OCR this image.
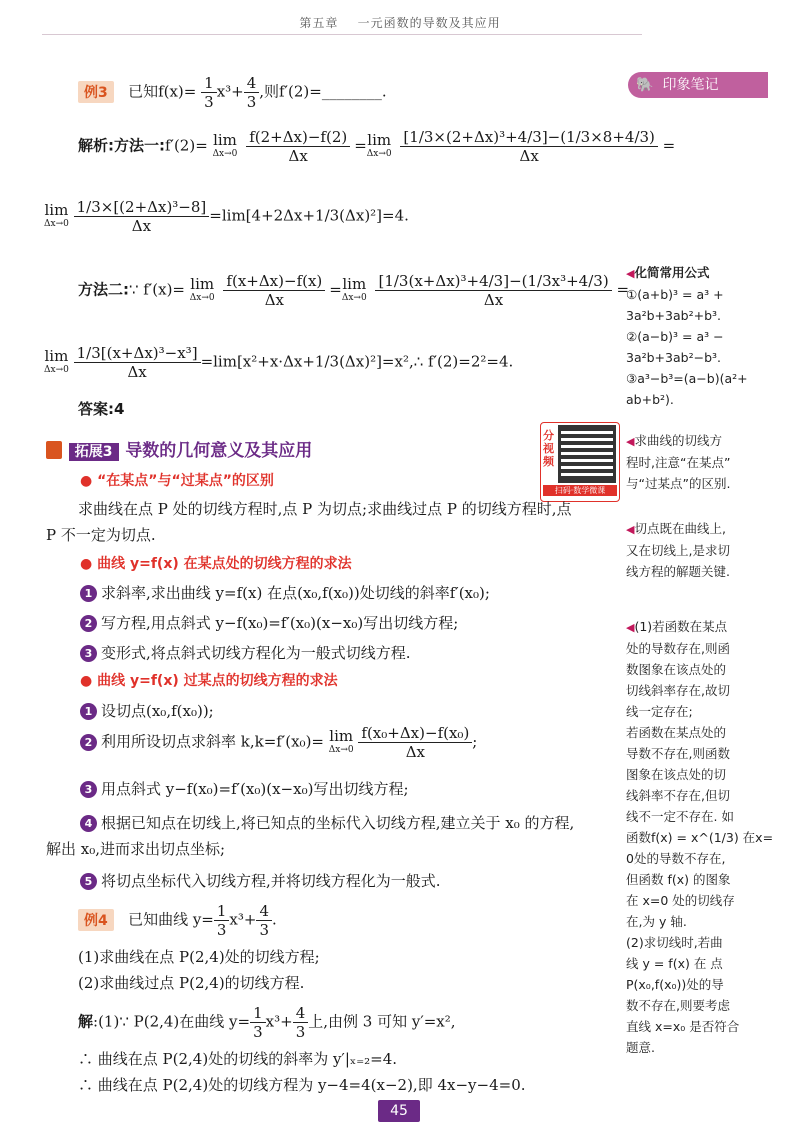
第五章 一元函数的导数及其应用
🐘 印象笔记
例3 已知$f(x)= \frac{1}{3} x^3+ \frac{4}{3}$ ,则f′(2)=________.
解析:方法一:f′(2)= lim
Δx→0
$\frac{f(2+\Delta x)-f(2)}{\Delta x} =\lim$
Δx→0
$\frac{\text{[1/3×(2+Δx)³+4/3]−(1/3×8+4/3)}}{\Delta x}$ =
lim
Δx→0
$\frac{\text{1/3×[(2+Δx)³−8]}}{\Delta x} =\lim[4+2\Delta x+1/3(\Delta x)^2]=4$.
方法二:∵ f′(x)= lim
Δx→0
$\frac{f(x+\Delta x)-f(x)}{\Delta x} =\lim$
Δx→0
$\frac{\text{[1/3(x+Δx)³+4/3]−(1/3x³+4/3)}}{\Delta x}$ =
lim
Δx→0
$\frac{\text{1/3[(x+Δx)³−x³]}}{\Delta x}$ =lim[x²+x·Δx+1/3(Δx)²]=x²,∴ f′(2)=2²=4.
答案:4
拓展3 导数的几何意义及其应用
分视频
扫码·数学微课
● “在某点”与“过某点”的区别
求曲线在点 P 处的切线方程时,点 P 为切点;求曲线过点 P 的切线方程时,点
P 不一定为切点.
● 曲线 y=f(x) 在某点处的切线方程的求法
1 求斜率,求出曲线 y=f(x) 在点(x₀,f(x₀))处切线的斜率f′(x₀);
2 写方程,用点斜式 y−f(x₀)=f′(x₀)(x−x₀)写出切线方程;
3 变形式,将点斜式切线方程化为一般式切线方程.
● 曲线 y=f(x) 过某点的切线方程的求法
1 设切点(x₀,f(x₀));
2 利用所设切点求斜率 k,k=f′(x₀)= lim
Δx→0
$\frac{\text{f(x₀+Δx)−f(x₀)}}{\Delta x}$ ;
3 用点斜式 y−f(x₀)=f′(x₀)(x−x₀)写出切线方程;
4 根据已知点在切线上,将已知点的坐标代入切线方程,建立关于 x₀ 的方程,
解出 x₀,进而求出切点坐标;
5 将切点坐标代入切线方程,并将切线方程化为一般式.
例4 已知曲线 $y= \frac{1}{3} x^3+ \frac{4}{3}$ .
(1)求曲线在点 P(2,4)处的切线方程;
(2)求曲线过点 P(2,4)的切线方程.
解:(1)∵ P(2,4)在曲线 $y= \frac{1}{3} x^3+ \frac{4}{3}$ 上,由例 3 可知 y′=x²,
∴ 曲线在点 P(2,4)处的切线的斜率为 y′|ₓ₌₂=4.
∴ 曲线在点 P(2,4)处的切线方程为 y−4=4(x−2),即 4x−y−4=0.
45
◀化简常用公式
①(a+b)³ = a³ +
3a²b+3ab²+b³.
②(a−b)³ = a³ −
3a²b+3ab²−b³.
③a³−b³=(a−b)(a²+
ab+b²).
◀求曲线的切线方
程时,注意“在某点”
与“过某点”的区别.
◀切点既在曲线上,
又在切线上,是求切
线方程的解题关键.
◀(1)若函数在某点
处的导数存在,则函
数图象在该点处的
切线斜率存在,故切
线一定存在;
若函数在某点处的
导数不存在,则函数
图象在该点处的切
线斜率不存在,但切
线不一定不存在. 如
函数f(x) = x^(1/3) 在x=
0处的导数不存在,
但函数 f(x) 的图象
在 x=0 处的切线存
在,为 y 轴.
(2)求切线时,若曲
线 y = f(x) 在 点
P(x₀,f(x₀))处的导
数不存在,则要考虑
直线 x=x₀ 是否符合
题意.
